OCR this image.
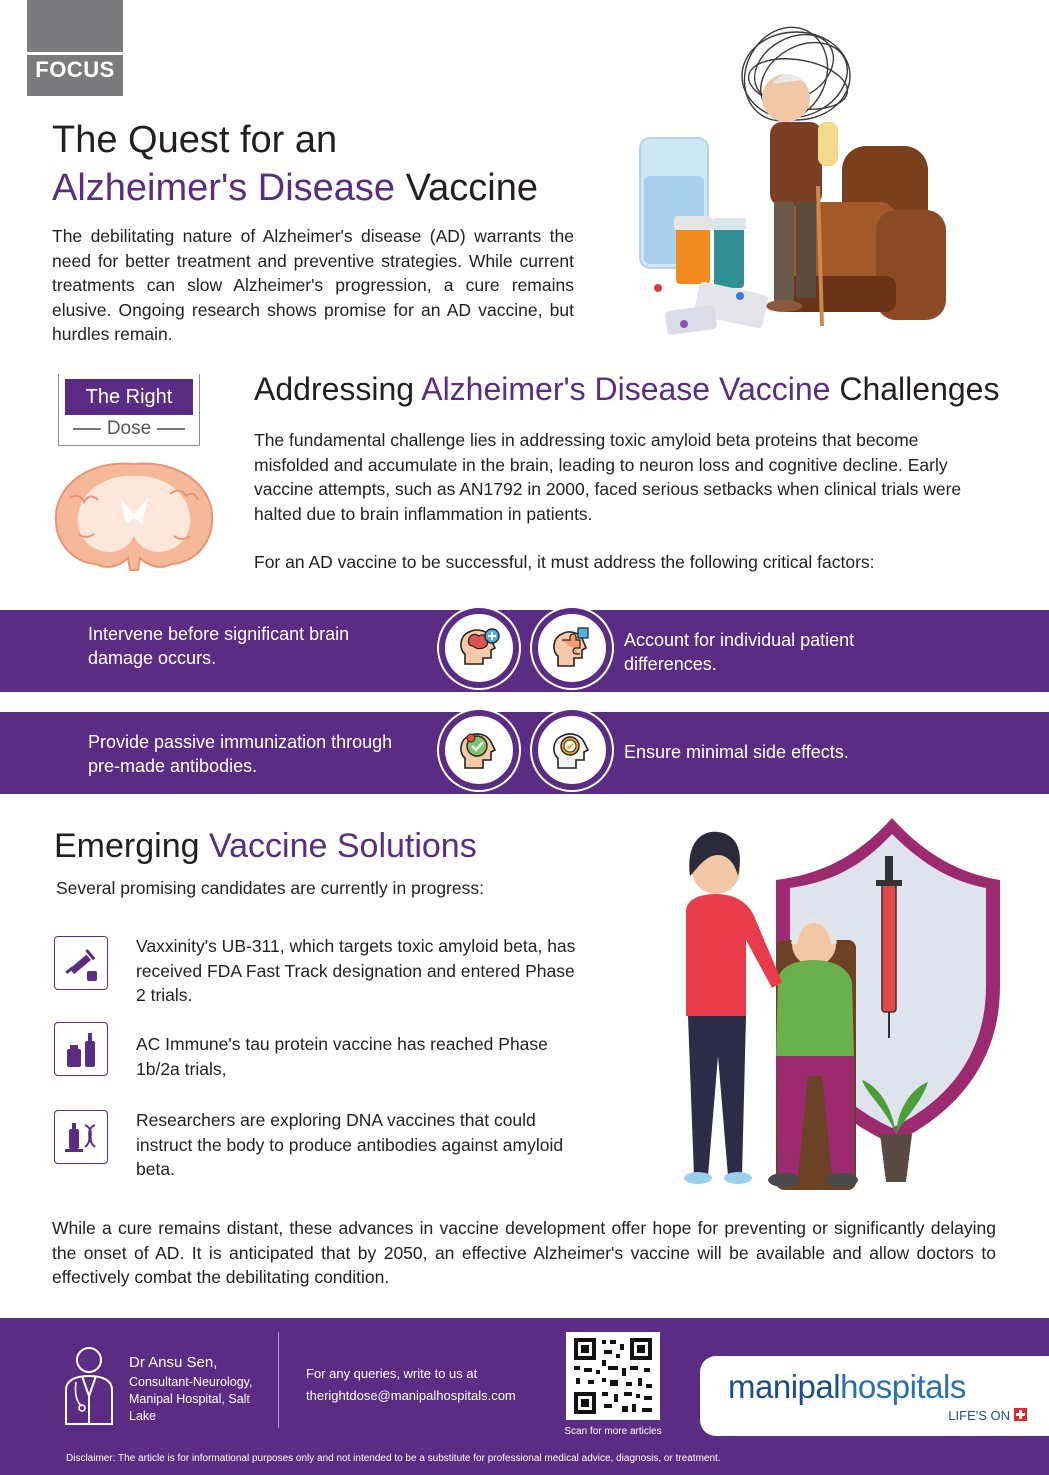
FOCUS
The Quest for an
Alzheimer's Disease Vaccine

The debilitating nature of Alzheimer's disease (AD) warrants the need for better treatment and preventive strategies. While current treatments can slow Alzheimer's progression, a cure remains elusive. Ongoing research shows promise for an AD vaccine, but hurdles remain.

The Right
Dose
Addressing Alzheimer's Disease Vaccine Challenges

The fundamental challenge lies in addressing toxic amyloid beta proteins that become misfolded and accumulate in the brain, leading to neuron loss and cognitive decline. Early vaccine attempts, such as AN1792 in 2000, faced serious setbacks when clinical trials were halted due to brain inflammation in patients.

For an AD vaccine to be successful, it must address the following critical factors:

Intervene before significant brain damage occurs.
Account for individual patient differences.
Provide passive immunization through pre-made antibodies.
Ensure minimal side effects.
Emerging Vaccine Solutions

Several promising candidates are currently in progress:

Vaxxinity's UB-311, which targets toxic amyloid beta, has received FDA Fast Track designation and entered Phase 2 trials.

AC Immune's tau protein vaccine has reached Phase 1b/2a trials,

Researchers are exploring DNA vaccines that could instruct the body to produce antibodies against amyloid beta.

While a cure remains distant, these advances in vaccine development offer hope for preventing or significantly delaying the onset of AD. It is anticipated that by 2050, an effective Alzheimer's vaccine will be available and allow doctors to effectively combat the debilitating condition.

Dr Ansu Sen,
Consultant-Neurology, Manipal Hospital, Salt Lake
For any queries, write to us at
therightdose@manipalhospitals.com
Scan for more articles
manipalhospitals
LIFE'S ON
Disclaimer: The article is for informational purposes only and not intended to be a substitute for professional medical advice, diagnosis, or treatment.
